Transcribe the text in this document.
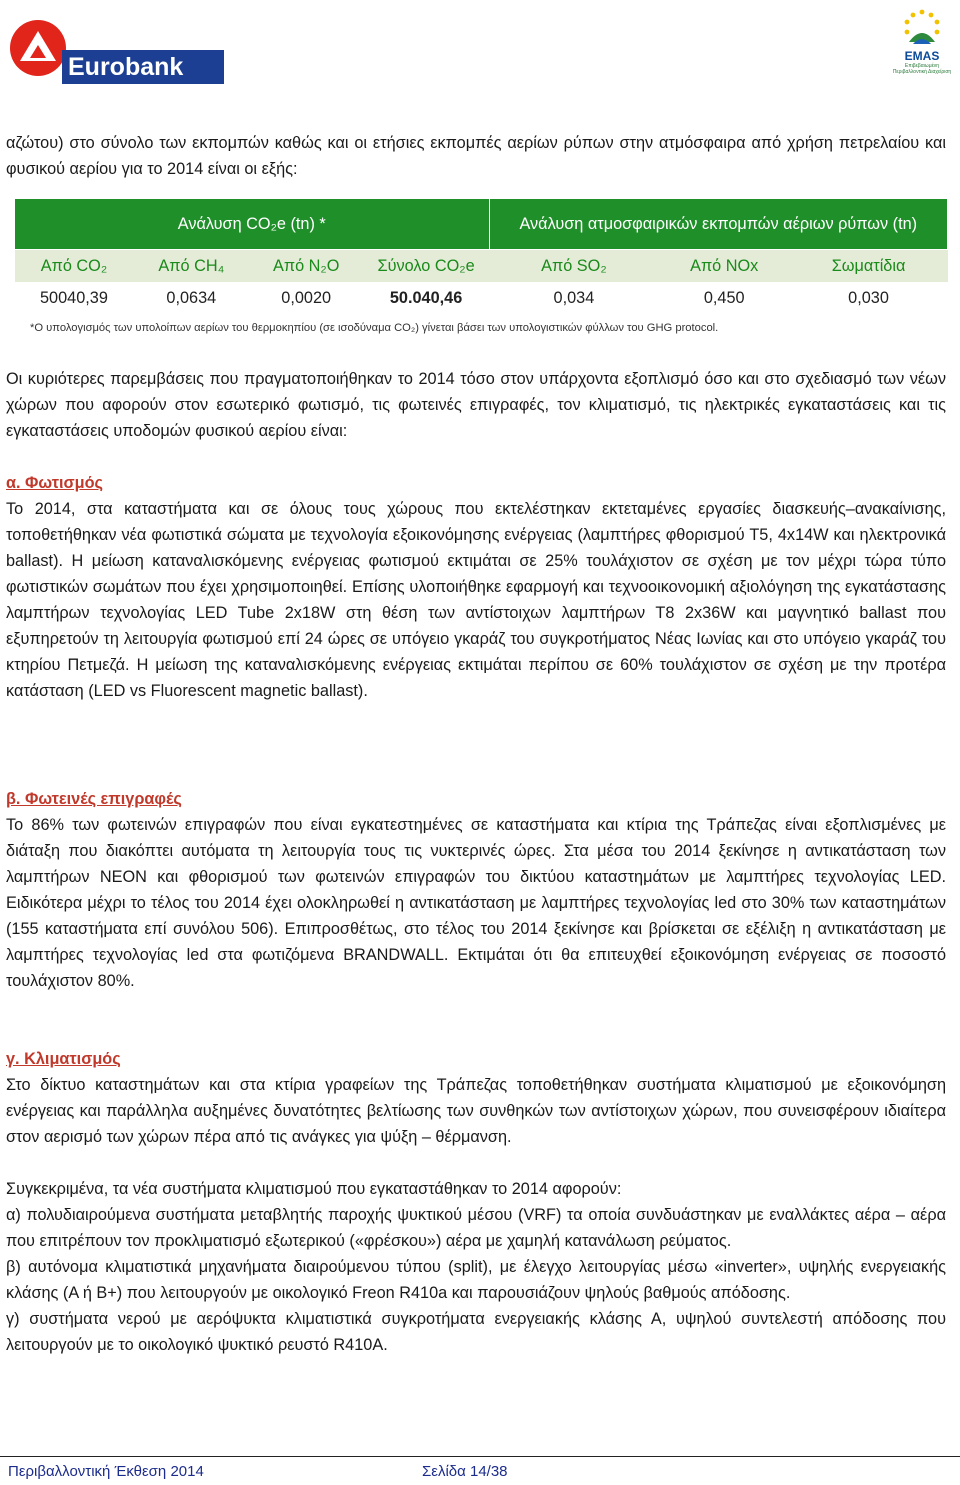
Eurobank	EMAS
Επιβεβαιωμένη Περιβαλλοντική Διαχείριση

αζώτου) στο σύνολο των εκπομπών καθώς και οι ετήσιες εκπομπές αερίων ρύπων στην ατμόσφαιρα από χρήση πετρελαίου και φυσικού αερίου για το 2014 είναι οι εξής:

Ανάλυση CO₂e (tn) *				Ανάλυση ατμοσφαιρικών εκπομπών αέριων ρύπων (tn)		
Από CO₂	Από CH₄	Από N₂O	Σύνολο CO₂e	Από SO₂	Από NOx	Σωματίδια
50040,39	0,0634	0,0020	50.040,46	0,034	0,450	0,030
*Ο υπολογισμός των υπολοίπων αερίων του θερμοκηπίου (σε ισοδύναμα CO₂) γίνεται βάσει των υπολογιστικών φύλλων του GHG protocol.

Οι κυριότερες παρεμβάσεις που πραγματοποιήθηκαν το 2014 τόσο στον υπάρχοντα εξοπλισμό όσο και στο σχεδιασμό των νέων χώρων που αφορούν στον εσωτερικό φωτισμό, τις φωτεινές επιγραφές, τον κλιματισμό, τις ηλεκτρικές εγκαταστάσεις και τις εγκαταστάσεις υποδομών φυσικού αερίου είναι:

α. Φωτισμός

Το 2014, στα καταστήματα και σε όλους τους χώρους που εκτελέστηκαν εκτεταμένες εργασίες διασκευής–ανακαίνισης, τοποθετήθηκαν νέα φωτιστικά σώματα με τεχνολογία εξοικονόμησης ενέργειας (λαμπτήρες φθορισμού Τ5, 4x14W και ηλεκτρονικά ballast). Η μείωση καταναλισκόμενης ενέργειας φωτισμού εκτιμάται σε 25% τουλάχιστον σε σχέση με τον μέχρι τώρα τύπο φωτιστικών σωμάτων που έχει χρησιμοποιηθεί. Επίσης υλοποιήθηκε εφαρμογή και τεχνοοικονομική αξιολόγηση της εγκατάστασης λαμπτήρων τεχνολογίας LED Tube 2x18W στη θέση των αντίστοιχων λαμπτήρων Τ8 2x36W και μαγνητικό ballast που εξυπηρετούν τη λειτουργία φωτισμού επί 24 ώρες σε υπόγειο γκαράζ του συγκροτήματος Νέας Ιωνίας και στο υπόγειο γκαράζ του κτηρίου Πετμεζά. Η μείωση της καταναλισκόμενης ενέργειας εκτιμάται περίπου σε 60% τουλάχιστον σε σχέση με την προτέρα κατάσταση (LED vs Fluorescent magnetic ballast).

β. Φωτεινές επιγραφές

Το 86% των φωτεινών επιγραφών που είναι εγκατεστημένες σε καταστήματα και κτίρια της Τράπεζας είναι εξοπλισμένες με διάταξη που διακόπτει αυτόματα τη λειτουργία τους τις νυκτερινές ώρες. Στα μέσα του 2014 ξεκίνησε η αντικατάσταση των λαμπτήρων NEON και φθορισμού των φωτεινών επιγραφών του δικτύου καταστημάτων με λαμπτήρες τεχνολογίας LED. Ειδικότερα μέχρι το τέλος του 2014 έχει ολοκληρωθεί η αντικατάσταση με λαμπτήρες τεχνολογίας led στο 30% των καταστημάτων (155 καταστήματα επί συνόλου 506). Επιπροσθέτως, στο τέλος του 2014 ξεκίνησε και βρίσκεται σε εξέλιξη η αντικατάσταση με λαμπτήρες τεχνολογίας led στα φωτιζόμενα BRANDWALL. Εκτιμάται ότι θα επιτευχθεί εξοικονόμηση ενέργειας σε ποσοστό τουλάχιστον 80%.

γ. Κλιματισμός

Στο δίκτυο καταστημάτων και στα κτίρια γραφείων της Τράπεζας τοποθετήθηκαν συστήματα κλιματισμού με εξοικονόμηση ενέργειας και παράλληλα αυξημένες δυνατότητες βελτίωσης των συνθηκών των αντίστοιχων χώρων, που συνεισφέρουν ιδιαίτερα στον αερισμό των χώρων πέρα από τις ανάγκες για ψύξη – θέρμανση.

Συγκεκριμένα, τα νέα συστήματα κλιματισμού που εγκαταστάθηκαν το 2014 αφορούν:

α) πολυδιαιρούμενα συστήματα μεταβλητής παροχής ψυκτικού μέσου (VRF) τα οποία συνδυάστηκαν με εναλλάκτες αέρα – αέρα που επιτρέπουν τον προκλιματισμό εξωτερικού («φρέσκου») αέρα με χαμηλή κατανάλωση ρεύματος.

β) αυτόνομα κλιματιστικά μηχανήματα διαιρούμενου τύπου (split), με έλεγχο λειτουργίας μέσω «inverter», υψηλής ενεργειακής κλάσης (A ή B+) που λειτουργούν με οικολογικό Freon R410a και παρουσιάζουν ψηλούς βαθμούς απόδοσης.

γ) συστήματα νερού με αερόψυκτα κλιματιστικά συγκροτήματα ενεργειακής κλάσης Α, υψηλού συντελεστή απόδοσης που λειτουργούν με το οικολογικό ψυκτικό ρευστό R410A.

Περιβαλλοντική Έκθεση 2014	Σελίδα 14/38
